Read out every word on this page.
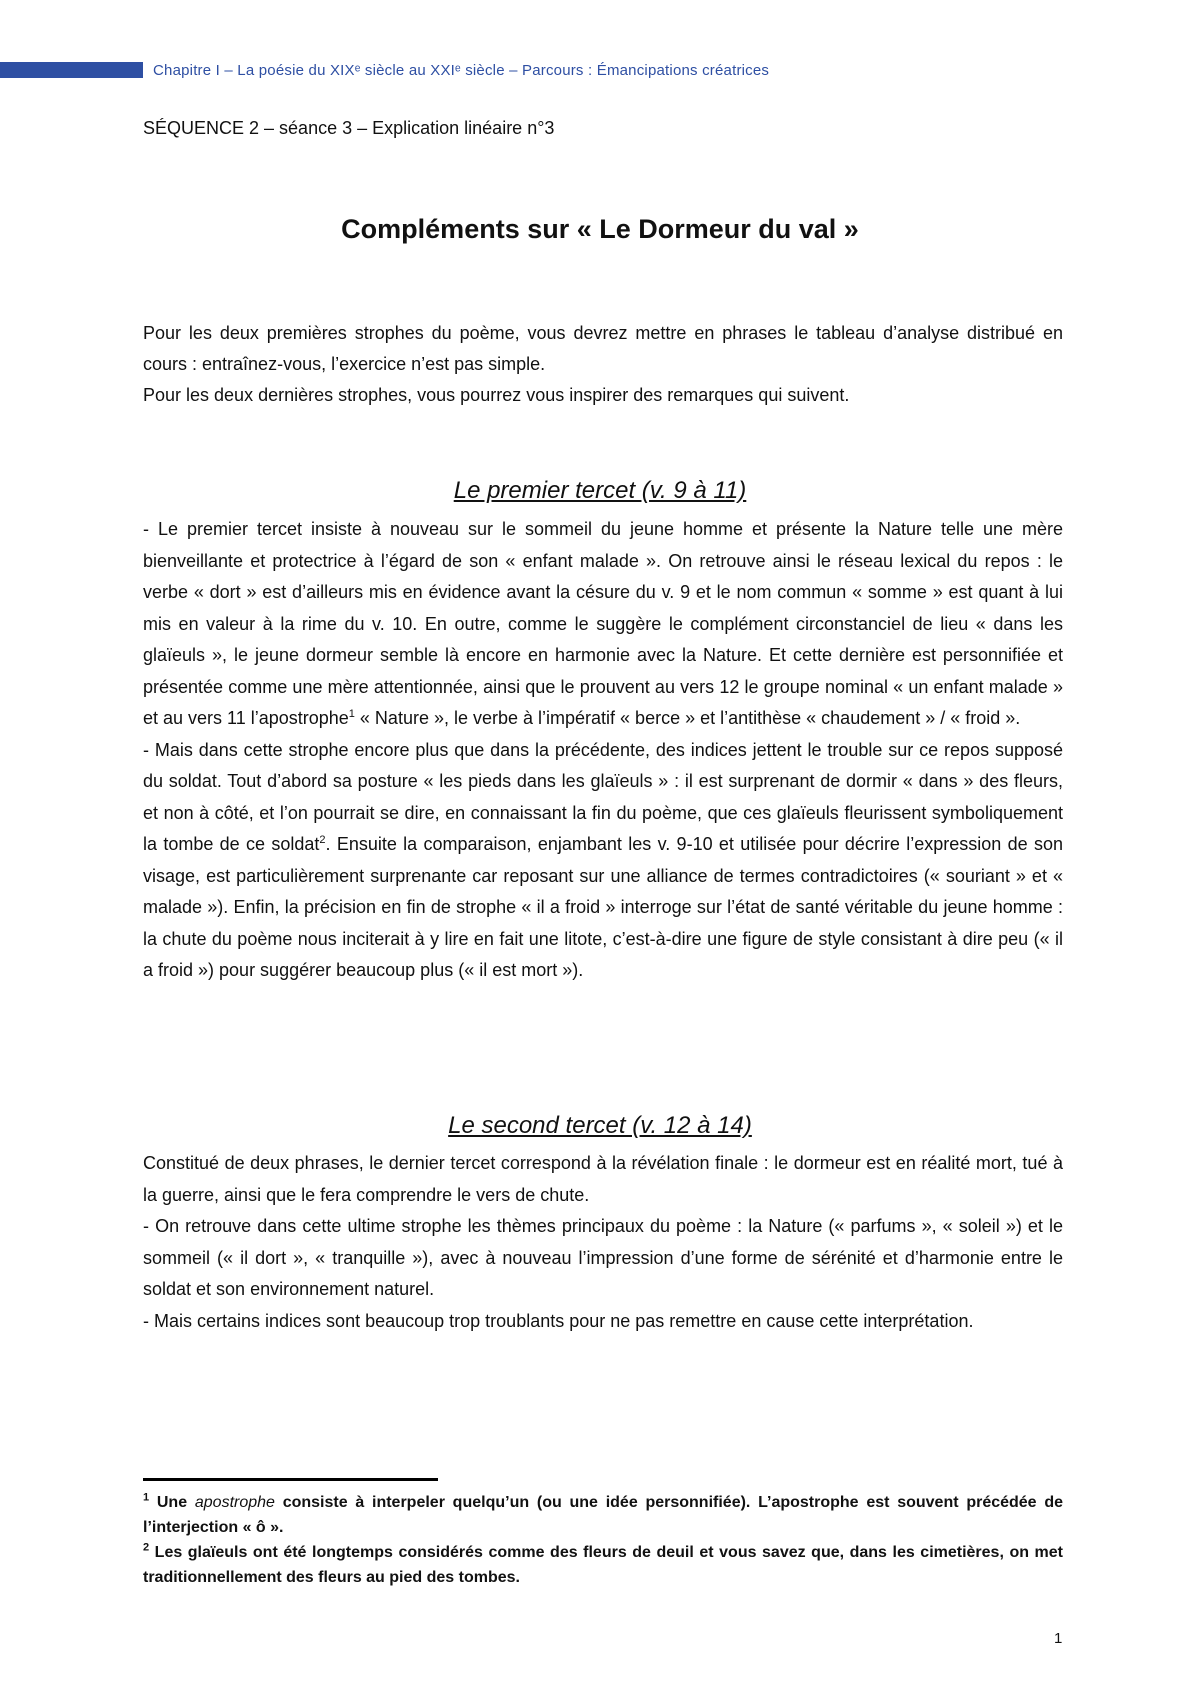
Chapitre I – La poésie du XIXᵉ siècle au XXIᵉ siècle – Parcours : Émancipations créatrices
SÉQUENCE 2 – séance 3 – Explication linéaire n°3
Compléments sur « Le Dormeur du val »

Pour les deux premières strophes du poème, vous devrez mettre en phrases le tableau d’analyse distribué en cours : entraînez-vous, l’exercice n’est pas simple.

Pour les deux dernières strophes, vous pourrez vous inspirer des remarques qui suivent.

Le premier tercet (v. 9 à 11)

- Le premier tercet insiste à nouveau sur le sommeil du jeune homme et présente la Nature telle une mère bienveillante et protectrice à l’égard de son « enfant malade ». On retrouve ainsi le réseau lexical du repos : le verbe « dort » est d’ailleurs mis en évidence avant la césure du v. 9 et le nom commun « somme » est quant à lui mis en valeur à la rime du v. 10. En outre, comme le suggère le complément circonstanciel de lieu « dans les glaïeuls », le jeune dormeur semble là encore en harmonie avec la Nature. Et cette dernière est personnifiée et présentée comme une mère attentionnée, ainsi que le prouvent au vers 12 le groupe nominal « un enfant malade » et au vers 11 l’apostrophe$^1$ « Nature », le verbe à l’impératif « berce » et l’antithèse « chaudement » / « froid ».

- Mais dans cette strophe encore plus que dans la précédente, des indices jettent le trouble sur ce repos supposé du soldat. Tout d’abord sa posture « les pieds dans les glaïeuls » : il est surprenant de dormir « dans » des fleurs, et non à côté, et l’on pourrait se dire, en connaissant la fin du poème, que ces glaïeuls fleurissent symboliquement la tombe de ce soldat$^2$. Ensuite la comparaison, enjambant les v. 9-10 et utilisée pour décrire l’expression de son visage, est particulièrement surprenante car reposant sur une alliance de termes contradictoires (« souriant » et « malade »). Enfin, la précision en fin de strophe « il a froid » interroge sur l’état de santé véritable du jeune homme : la chute du poème nous inciterait à y lire en fait une litote, c’est-à-dire une figure de style consistant à dire peu (« il a froid ») pour suggérer beaucoup plus (« il est mort »).

Le second tercet (v. 12 à 14)

Constitué de deux phrases, le dernier tercet correspond à la révélation finale : le dormeur est en réalité mort, tué à la guerre, ainsi que le fera comprendre le vers de chute.

- On retrouve dans cette ultime strophe les thèmes principaux du poème : la Nature (« parfums », « soleil ») et le sommeil (« il dort », « tranquille »), avec à nouveau l’impression d’une forme de sérénité et d’harmonie entre le soldat et son environnement naturel.

- Mais certains indices sont beaucoup trop troublants pour ne pas remettre en cause cette interprétation.

$^1$ Une apostrophe consiste à interpeler quelqu’un (ou une idée personnifiée). L’apostrophe est souvent précédée de l’interjection « ô ».

$^2$ Les glaïeuls ont été longtemps considérés comme des fleurs de deuil et vous savez que, dans les cimetières, on met traditionnellement des fleurs au pied des tombes.

1
